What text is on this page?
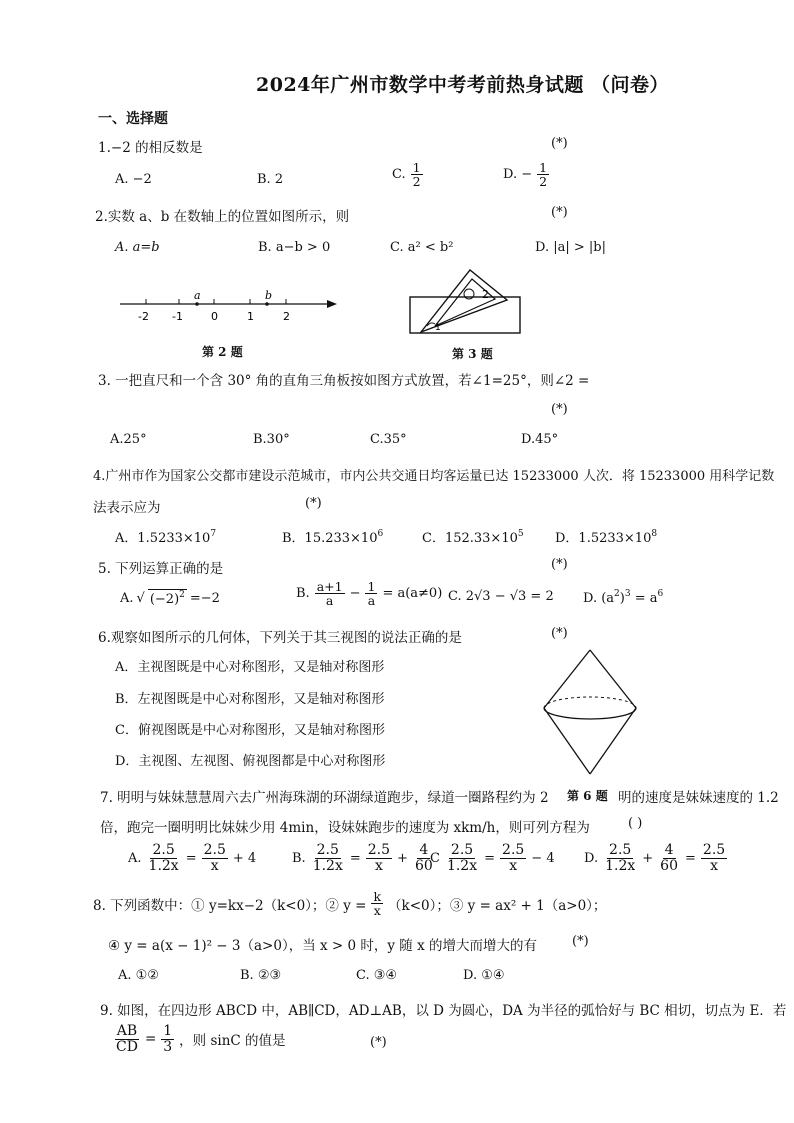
2024年广州市数学中考考前热身试题 （问卷）
一、选择题
1.−2 的相反数是	(*)
A. −2	B. 2	C. $\frac{1}{2}$	D. − $\frac{1}{2}$
2.实数 a、b 在数轴上的位置如图所示，则	(*)
A. a=b	B. a−b > 0	C. a² < b²	D. |a| > |b|
a	b
-2 -1	0	1	2
第 2 题
2
1
第 3 题
3. 一把直尺和一个含 30° 角的直角三角板按如图方式放置，若∠1=25°，则∠2 =
(*)
A.25°	B.30°	C.35°	D.45°
4.广州市作为国家公交都市建设示范城市，市内公共交通日均客运量已达 15233000 人次．将 15233000 用科学记数
法表示应为	(*)
A．$1.5233\times 10^7$	B．$15.233\times 10^6$	C．$152.33\times 10^5$ D．$1.5233\times 10^8$
5. 下列运算正确的是	(*)
A. √ $(-2)^2 =-2$	B. $\frac{a+1}{a} - \frac{1}{a} = a(a\ne 0)$ C. 2√3 − √3 = 2 D. $(a^2)^3 = a^6$
6.观察如图所示的几何体，下列关于其三视图的说法正确的是	(*)
A．主视图既是中心对称图形，又是轴对称图形
B．左视图既是中心对称图形，又是轴对称图形
C．俯视图既是中心对称图形，又是轴对称图形
D．主视图、左视图、俯视图都是中心对称图形
7. 明明与妹妹慧慧周六去广州海珠湖的环湖绿道跑步，绿道一圈路程约为 2 第 6 题 明的速度是妹妹速度的 1.2
倍，跑完一圈明明比妹妹少用 4min，设妹妹跑步的速度为 xkm/h，则可列方程为	( )
A. $\frac{2.5}{1.2x} = \frac{2.5}{x} + 4$	B. $\frac{2.5}{1.2x} = \frac{2.5}{x} + \frac{4}{60}$
C $\frac{2.5}{1.2x} = \frac{2.5}{x} - 4$ D. $\frac{2.5}{1.2x} + \frac{4}{60} = \frac{2.5}{x}$
8. 下列函数中：① y=kx−2（k<0）；② $y = \frac{k}{x} (k<0)$；③ y = ax² + 1（a>0）；
④ y = a(x − 1)² − 3（a>0），当 x > 0 时，y 随 x 的增大而增大的有	(*)
A. ①②	B. ②③	C. ③④	D. ①④
9. 如图，在四边形 ABCD 中，AB∥CD，AD⊥AB，以 D 为圆心，DA 为半径的弧恰好与 BC 相切，切点为 E．若
$\frac{AB}{CD} = \frac{1}{3}$ ，则 sinC 的值是	(*)
